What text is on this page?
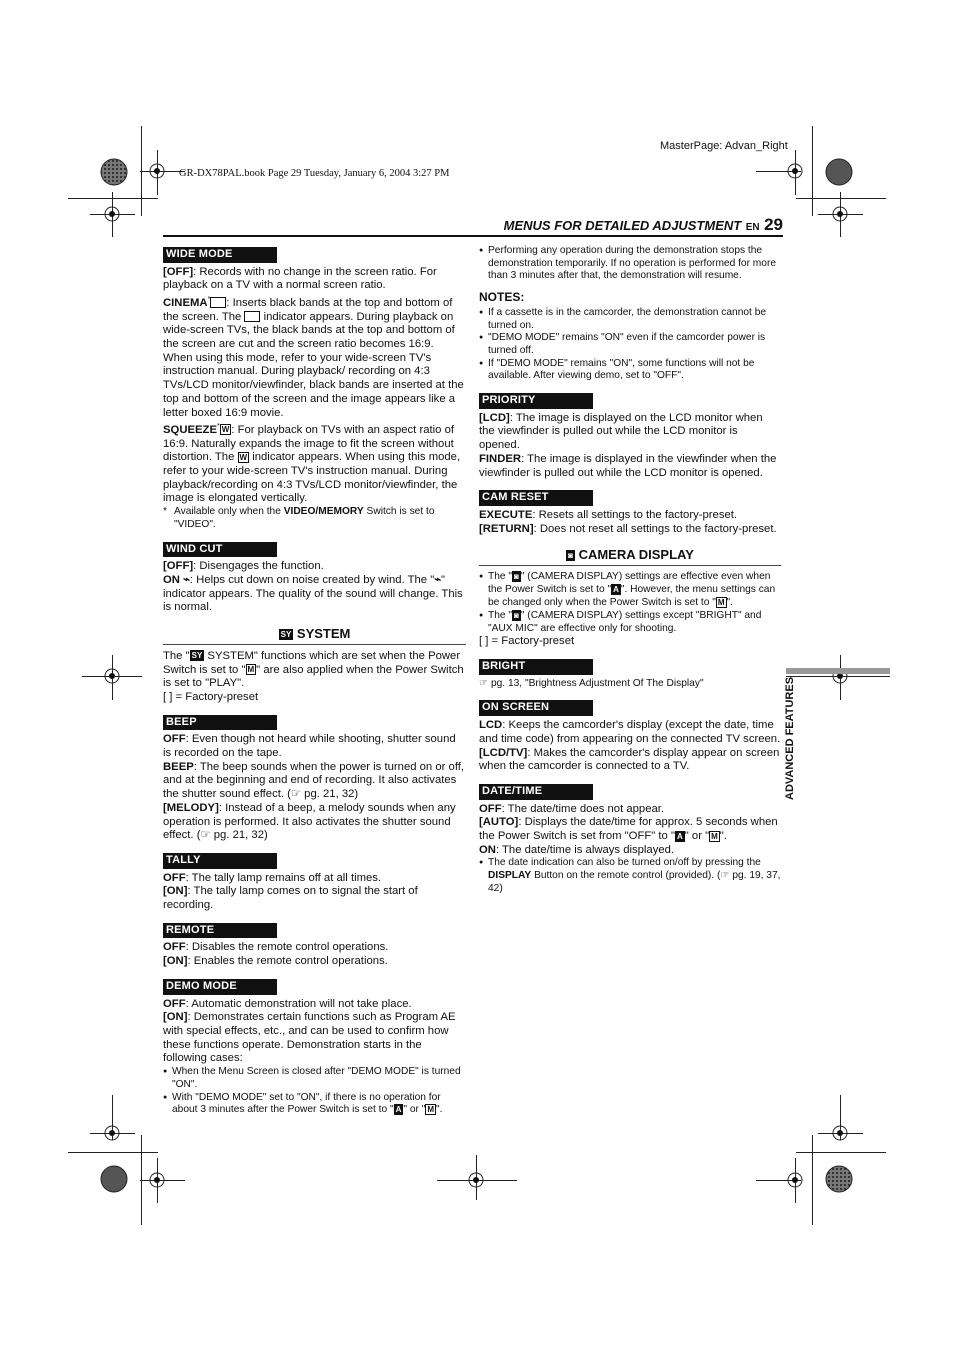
MasterPage: Advan_Right
GR-DX78PAL.book Page 29 Tuesday, January 6, 2004 3:27 PM
MENUS FOR DETAILED ADJUSTMENT EN 29
ADVANCED FEATURES
WIDE MODE

[OFF]: Records with no change in the screen ratio. For playback on a TV with a normal screen ratio.

CINEMA* : Inserts black bands at the top and bottom of the screen. The indicator appears. During playback on wide-screen TVs, the black bands at the top and bottom of the screen are cut and the screen ratio becomes 16:9. When using this mode, refer to your wide-screen TV's instruction manual. During playback/ recording on 4:3 TVs/LCD monitor/viewfinder, black bands are inserted at the top and bottom of the screen and the image appears like a letter boxed 16:9 movie.

SQUEEZE* W : For playback on TVs with an aspect ratio of 16:9. Naturally expands the image to fit the screen without distortion. The W indicator appears. When using this mode, refer to your wide-screen TV's instruction manual. During playback/recording on 4:3 TVs/LCD monitor/viewfinder, the image is elongated vertically.

* Available only when the VIDEO/MEMORY Switch is set to "VIDEO".
WIND CUT

[OFF]: Disengages the function.

ON ⌁: Helps cut down on noise created by wind. The "⌁" indicator appears. The quality of the sound will change. This is normal.

SY SYSTEM

The " SY SYSTEM" functions which are set when the Power Switch is set to " M " are also applied when the Power Switch is set to "PLAY".

[ ] = Factory-preset

BEEP

OFF: Even though not heard while shooting, shutter sound is recorded on the tape.

BEEP: The beep sounds when the power is turned on or off, and at the beginning and end of recording. It also activates the shutter sound effect. (☞ pg. 21, 32)

[MELODY]: Instead of a beep, a melody sounds when any operation is performed. It also activates the shutter sound effect. (☞ pg. 21, 32)

TALLY

OFF: The tally lamp remains off at all times.

[ON]: The tally lamp comes on to signal the start of recording.

REMOTE

OFF: Disables the remote control operations.

[ON]: Enables the remote control operations.

DEMO MODE

OFF: Automatic demonstration will not take place.

[ON]: Demonstrates certain functions such as Program AE with special effects, etc., and can be used to confirm how these functions operate. Demonstration starts in the following cases:

● When the Menu Screen is closed after "DEMO MODE" is turned "ON".
● With "DEMO MODE" set to "ON", if there is no operation for about 3 minutes after the Power Switch is set to " A " or " M ".
● Performing any operation during the demonstration stops the demonstration temporarily. If no operation is performed for more than 3 minutes after that, the demonstration will resume.
NOTES:
● If a cassette is in the camcorder, the demonstration cannot be turned on.
● "DEMO MODE" remains "ON" even if the camcorder power is turned off.
● If "DEMO MODE" remains "ON", some functions will not be available. After viewing demo, set to "OFF".
PRIORITY

[LCD]: The image is displayed on the LCD monitor when the viewfinder is pulled out while the LCD monitor is opened.

FINDER: The image is displayed in the viewfinder when the viewfinder is pulled out while the LCD monitor is opened.

CAM RESET

EXECUTE: Resets all settings to the factory-preset.

[RETURN]: Does not reset all settings to the factory-preset.

◙ CAMERA DISPLAY
● The " ◙ " (CAMERA DISPLAY) settings are effective even when the Power Switch is set to " A ". However, the menu settings can be changed only when the Power Switch is set to " M ".
● The " ◙ " (CAMERA DISPLAY) settings except "BRIGHT" and "AUX MIC" are effective only for shooting.

[ ] = Factory-preset

BRIGHT

☞ pg. 13, "Brightness Adjustment Of The Display"

ON SCREEN

LCD: Keeps the camcorder's display (except the date, time and time code) from appearing on the connected TV screen.

[LCD/TV]: Makes the camcorder's display appear on screen when the camcorder is connected to a TV.

DATE/TIME

OFF: The date/time does not appear.

[AUTO]: Displays the date/time for approx. 5 seconds when the Power Switch is set from "OFF" to " A " or " M ".

ON: The date/time is always displayed.

● The date indication can also be turned on/off by pressing the DISPLAY Button on the remote control (provided). (☞ pg. 19, 37, 42)
